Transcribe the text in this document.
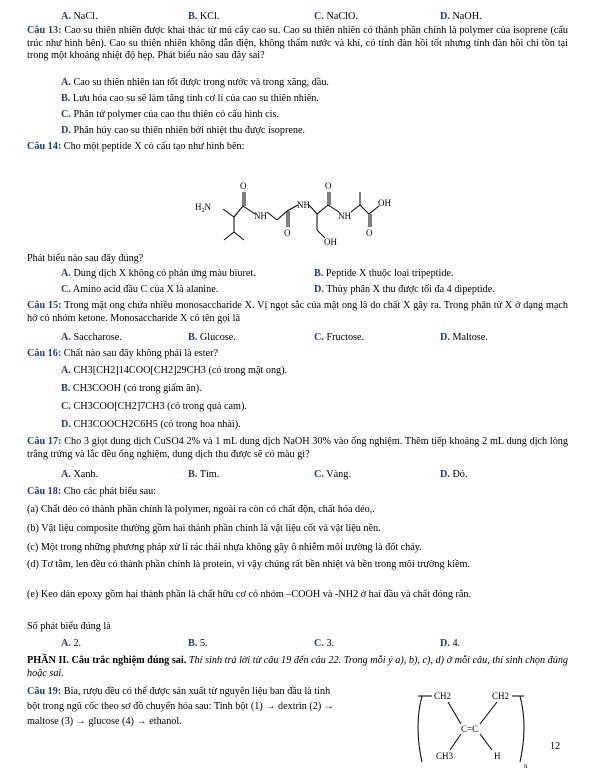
A. NaCl.	B. KCl.	C. NaClO.	D. NaOH.
Câu 13: Cao su thiên nhiên được khai thác từ mủ cây cao su. Cao su thiên nhiên có thành phần chính là polymer của isoprene (cấu trúc như hình bên). Cao su thiên nhiên không dẫn điện, không thấm nước và khí, có tính đàn hồi tốt nhưng tính đàn hồi chỉ tồn tại trong một khoảng nhiệt độ hẹp. Phát biểu nào sau đây sai?
A. Cao su thiên nhiên tan tốt được trong nước và trong xăng, dầu.
B. Lưu hóa cao su sẽ làm tăng tính cơ lí của cao su thiên nhiên.
C. Phân tử polymer của cao thu thiên có cấu hình cis.
D. Phân hủy cao su thiên nhiên bởi nhiệt thu được isoprene.
Câu 14: Cho một peptide X có cấu tạo như hình bên:
$H_2N$
O
NH
O
NH
OH
O
NH
O
OH
Phát biểu nào sau đây đúng?
A. Dung dịch X không có phản ứng màu biuret.	B. Peptide X thuộc loại tripeptide.
C. Amino acid đầu C của X là alanine.	D. Thủy phân X thu được tối đa 4 dipeptide.
Câu 15: Trong mật ong chứa nhiều monosaccharide X. Vị ngọt sắc của mật ong là do chất X gây ra. Trong phân tử X ở dạng mạch hở có nhóm ketone. Monosaccharide X có tên gọi là
A. Saccharose.	B. Glucose.	C. Fructose.	D. Maltose.
Câu 16: Chất nào sau đây không phải là ester?
A. CH3[CH2]14COO[CH2]29CH3 (có trong mật ong).
B. CH3COOH (có trong giấm ăn).
C. CH3COO[CH2]7CH3 (có trong quả cam).
D. CH3COOCH2C6H5 (có trong hoa nhài).
Câu 17: Cho 3 giọt dung dịch CuSO4 2% và 1 mL dung dịch NaOH 30% vào ống nghiệm. Thêm tiếp khoảng 2 mL dung dịch lòng trắng trứng và lắc đều ống nghiệm, dung dịch thu được sẽ có màu gì?
A. Xanh.	B. Tím.	C. Vàng.	D. Đỏ.
Câu 18: Cho các phát biểu sau:
(a) Chất dẻo có thành phần chính là polymer, ngoài ra còn có chất độn, chất hóa dẻo,.
(b) Vật liệu composite thường gồm hai thành phần chính là vật liệu cốt và vật liệu nền.
(c) Một trong những phương pháp xử lí rác thải nhựa không gây ô nhiễm môi trường là đốt cháy.
(d) Tơ tằm, len đều có thành phần chính là protein, vì vậy chúng rất bền nhiệt và bền trong môi trường kiềm.
(e) Keo dán epoxy gồm hai thành phần là chất hữu cơ có nhóm –COOH và -NH2 ở hai đầu và chất đóng rắn.
Số phát biểu đúng là
A. 2.	B. 5.	C. 3.	D. 4.
PHẦN II. Câu trắc nghiệm đúng sai. Thí sinh trả lời từ câu 19 đến câu 22. Trong mỗi ý a), b), c), d) ở mỗi câu, thí sinh chọn đúng hoặc sai.
Câu 19: Bia, rượu đều có thể được sản xuất từ nguyên liệu ban đầu là tinh
bột trong ngũ cốc theo sơ đồ chuyển hóa sau: Tinh bột (1) → dextrin (2) →
maltose (3) → glucose (4) → ethanol.
CH2	CH2
C=C
CH3	H
n
12
